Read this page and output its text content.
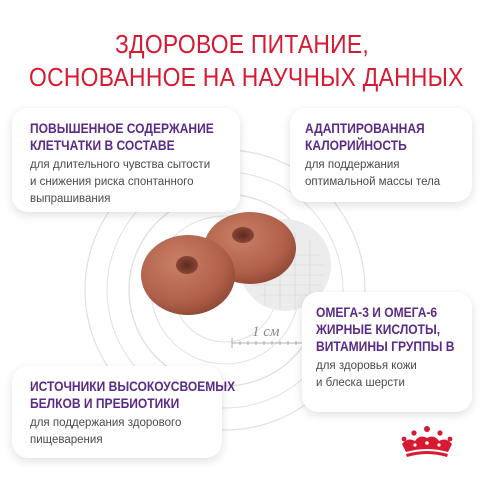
1 см
ЗДОРОВОЕ ПИТАНИЕ,
ОСНОВАННОЕ НА НАУЧНЫХ ДАННЫХ
ПОВЫШЕННОЕ СОДЕРЖАНИЕ
КЛЕТЧАТКИ В СОСТАВЕ
для длительного чувства сытости
и снижения риска спонтанного
выпрашивания
АДАПТИРОВАННАЯ
КАЛОРИЙНОСТЬ
для поддержания
оптимальной массы тела
ОМЕГА-3 И ОМЕГА-6
ЖИРНЫЕ КИСЛОТЫ,
ВИТАМИНЫ ГРУППЫ В
для здоровья кожи
и блеска шерсти
ИСТОЧНИКИ ВЫСОКОУСВОЕМЫХ
БЕЛКОВ И ПРЕБИОТИКИ
для поддержания здорового
пищеварения
